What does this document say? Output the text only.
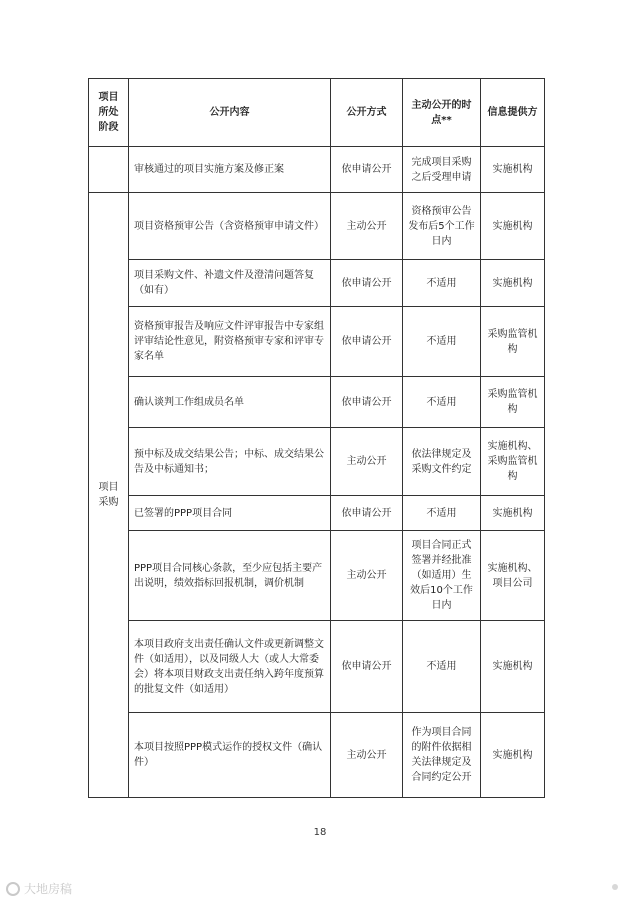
项目所处阶段	公开内容	公开方式	主动公开的时点**	信息提供方
	审核通过的项目实施方案及修正案	依申请公开	完成项目采购之后受理申请	实施机构
项目采购	项目资格预审公告（含资格预审申请文件）	主动公开	资格预审公告发布后5个工作日内	实施机构
	项目采购文件、补遗文件及澄清问题答复（如有）	依申请公开	不适用	实施机构
	资格预审报告及响应文件评审报告中专家组评审结论性意见，附资格预审专家和评审专家名单	依申请公开	不适用	采购监管机构
	确认谈判工作组成员名单	依申请公开	不适用	采购监管机构
	预中标及成交结果公告；中标、成交结果公告及中标通知书；	主动公开	依法律规定及采购文件约定	实施机构、采购监管机构
	已签署的PPP项目合同	依申请公开	不适用	实施机构
	PPP项目合同核心条款，至少应包括主要产出说明，绩效指标回报机制，调价机制	主动公开	项目合同正式签署并经批准（如适用）生效后10个工作日内	实施机构、项目公司
	本项目政府支出责任确认文件或更新调整文件（如适用），以及同级人大（或人大常委会）将本项目财政支出责任纳入跨年度预算的批复文件（如适用）	依申请公开	不适用	实施机构
	本项目按照PPP模式运作的授权文件（确认件）	主动公开	作为项目合同的附件依据相关法律规定及合同约定公开	实施机构
18
大地房稿
